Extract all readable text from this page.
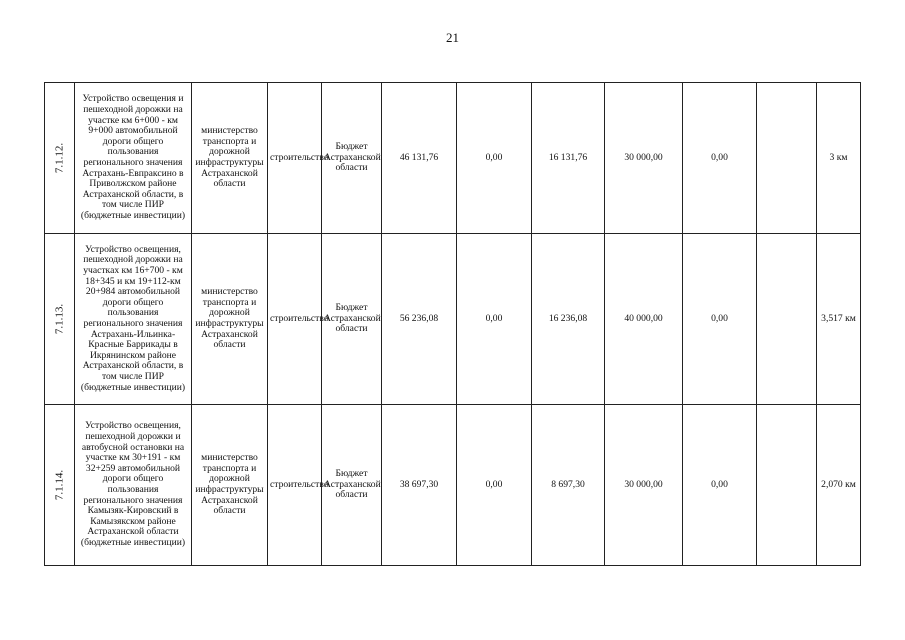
21
7.1.12.	Устройство освещения и пешеходной дорожки на участке км 6+000 - км 9+000 автомобильной дороги общего пользования регионального значения Астрахань-Евпраксино в Приволжском районе Астраханской области, в том числе ПИР (бюджетные инвестиции)	министерство транспорта и дорожной инфраструктуры Астраханской области	строительство	Бюджет Астраханской области	46 131,76	0,00	16 131,76	30 000,00	0,00		3 км

7.1.13.	Устройство освещения, пешеходной дорожки на участках км 16+700 - км 18+345 и км 19+112-км 20+984 автомобильной дороги общего пользования регионального значения Астрахань-Ильинка-Красные Баррикады в Икрянинском районе Астраханской области, в том числе ПИР (бюджетные инвестиции)	министерство транспорта и дорожной инфраструктуры Астраханской области	строительство	Бюджет Астраханской области	56 236,08	0,00	16 236,08	40 000,00	0,00		3,517 км

7.1.14.	Устройство освещения, пешеходной дорожки и автобусной остановки на участке км 30+191 - км 32+259 автомобильной дороги общего пользования регионального значения Камызяк-Кировский в Камызякском районе Астраханской области (бюджетные инвестиции)	министерство транспорта и дорожной инфраструктуры Астраханской области	строительство	Бюджет Астраханской области	38 697,30	0,00	8 697,30	30 000,00	0,00		2,070 км
